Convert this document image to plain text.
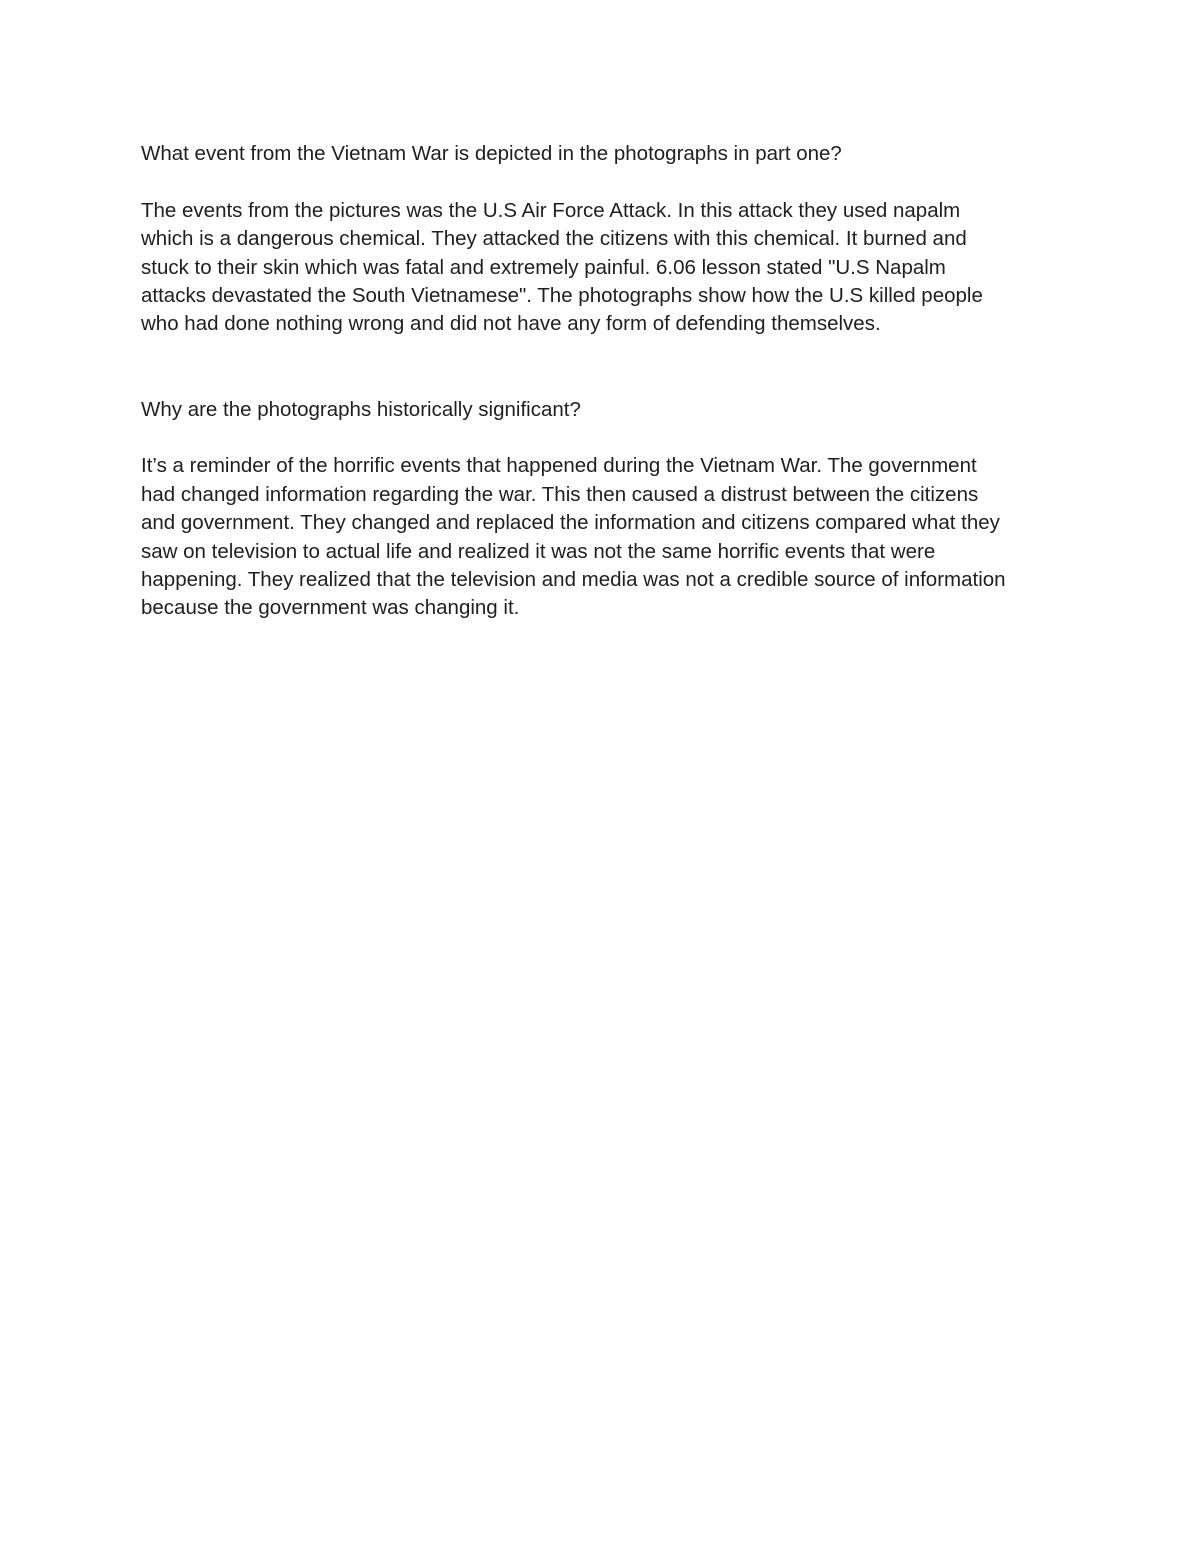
What event from the Vietnam War is depicted in the photographs in part one?

The events from the pictures was the U.S Air Force Attack. In this attack they used napalm

which is a dangerous chemical. They attacked the citizens with this chemical. It burned and

stuck to their skin which was fatal and extremely painful. 6.06 lesson stated "U.S Napalm

attacks devastated the South Vietnamese". The photographs show how the U.S killed people

who had done nothing wrong and did not have any form of defending themselves.

Why are the photographs historically significant?

It’s a reminder of the horrific events that happened during the Vietnam War. The government

had changed information regarding the war. This then caused a distrust between the citizens

and government. They changed and replaced the information and citizens compared what they

saw on television to actual life and realized it was not the same horrific events that were

happening. They realized that the television and media was not a credible source of information

because the government was changing it.
